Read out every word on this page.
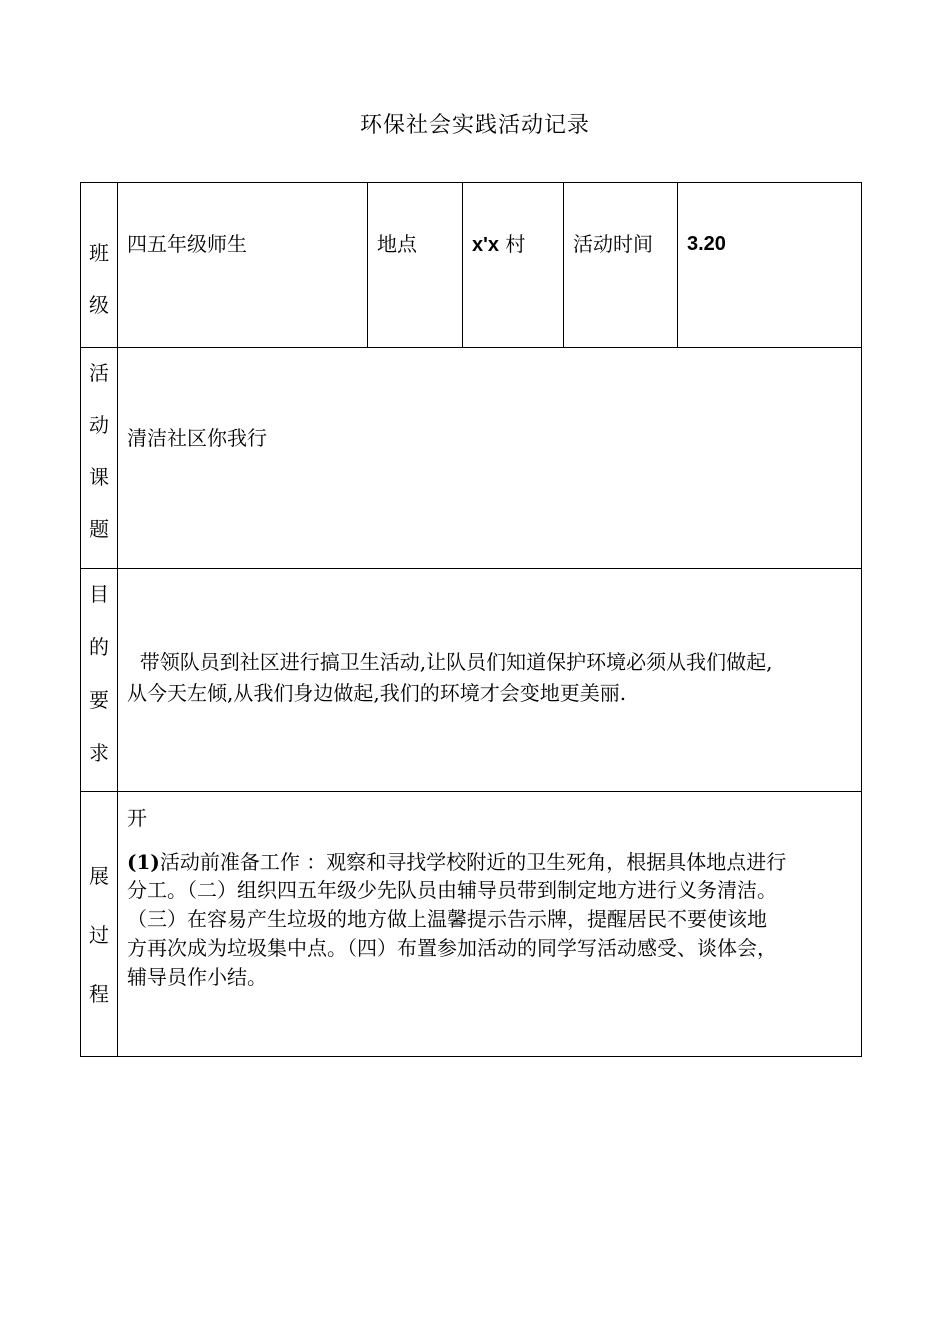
环保社会实践活动记录
班
级
四五年级师生	地点	x'x 村 活动时间 3.20
活
动
课
题
清洁社区你我行
目
的
要
求
带领队员到社区进行搞卫生活动,让队员们知道保护环境必须从我们做起,
从今天左倾,从我们身边做起,我们的环境才会变地更美丽.
开
展
过
程
(1)活动前准备工作 ：观察和寻找学校附近的卫生死角，根据具体地点进行
分工。（二）组织四五年级少先队员由辅导员带到制定地方进行义务清洁。
（三）在容易产生垃圾的地方做上温馨提示告示牌，提醒居民不要使该地
方再次成为垃圾集中点。（四）布置参加活动的同学写活动感受、谈体会，
辅导员作小结。
